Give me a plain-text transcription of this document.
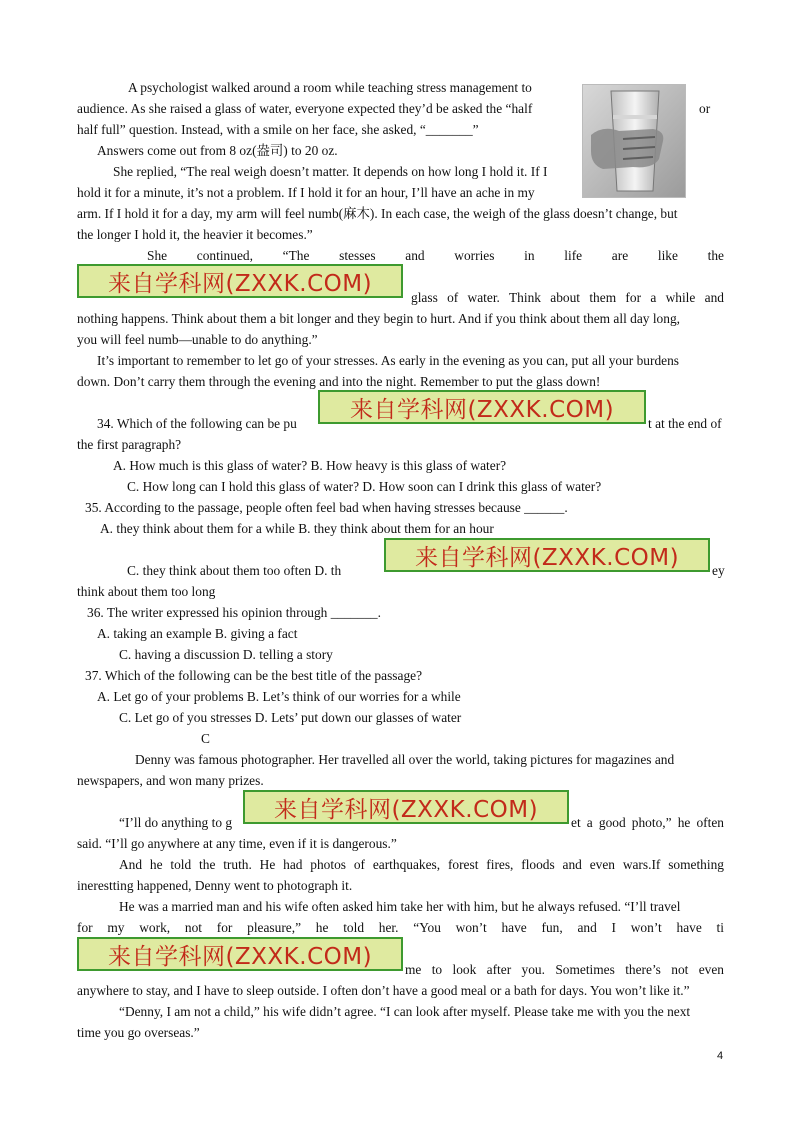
A psychologist walked around a room while teaching stress management to
audience. As she raised a glass of water, everyone expected they’d be asked the “half	or
half full” question. Instead, with a smile on her face, she asked, “_______”
Answers come out from 8 oz(盎司) to 20 oz.
She replied, “The real weigh doesn’t matter. It depends on how long I hold it. If I
hold it for a minute, it’s not a problem. If I hold it for an hour, I’ll have an ache in my
arm. If I hold it for a day, my arm will feel numb(麻木). In each case, the weigh of the glass doesn’t change, but
the longer I hold it, the heavier it becomes.”
She continued, “The stesses and worries in life are like the
来自学科网(ZXXK.COM)
glass of water. Think about them for a while and
nothing happens. Think about them a bit longer and they begin to hurt. And if you think about them all day long,
you will feel numb—unable to do anything.”
It’s important to remember to let go of your stresses. As early in the evening as you can, put all your burdens
down. Don’t carry them through the evening and into the night. Remember to put the glass down!
34. Which of the following can be pu
来自学科网(ZXXK.COM)
t at the end of
the first paragraph?
A. How much is this glass of water? B. How heavy is this glass of water?
C. How long can I hold this glass of water? D. How soon can I drink this glass of water?
35. According to the passage, people often feel bad when having stresses because ______.
A. they think about them for a while B. they think about them for an hour
C. they think about them too often D. th	来自学科网(ZXXK.COM)	ey
think about them too long
36. The writer expressed his opinion through _______.
A. taking an example B. giving a fact
C. having a discussion D. telling a story
37. Which of the following can be the best title of the passage?
A. Let go of your problems B. Let’s think of our worries for a while
C. Let go of you stresses D. Lets’ put down our glasses of water
C
Denny was famous photographer. Her travelled all over the world, taking pictures for magazines and
newspapers, and won many prizes.
“I’ll do anything to g	来自学科网(ZXXK.COM)	et a good photo,” he often
said. “I’ll go anywhere at any time, even if it is dangerous.”
And he told the truth. He had photos of earthquakes, forest fires, floods and even wars.If something
inerestting happened, Denny went to photograph it.
He was a married man and his wife often asked him take her with him, but he always refused. “I’ll travel
for my work, not for pleasure,” he told her. “You won’t have fun, and I won’t have ti
来自学科网(ZXXK.COM)	me to look after you. Sometimes there’s not even
anywhere to stay, and I have to sleep outside. I often don’t have a good meal or a bath for days. You won’t like it.”
“Denny, I am not a child,” his wife didn’t agree. “I can look after myself. Please take me with you the next
time you go overseas.”
4
